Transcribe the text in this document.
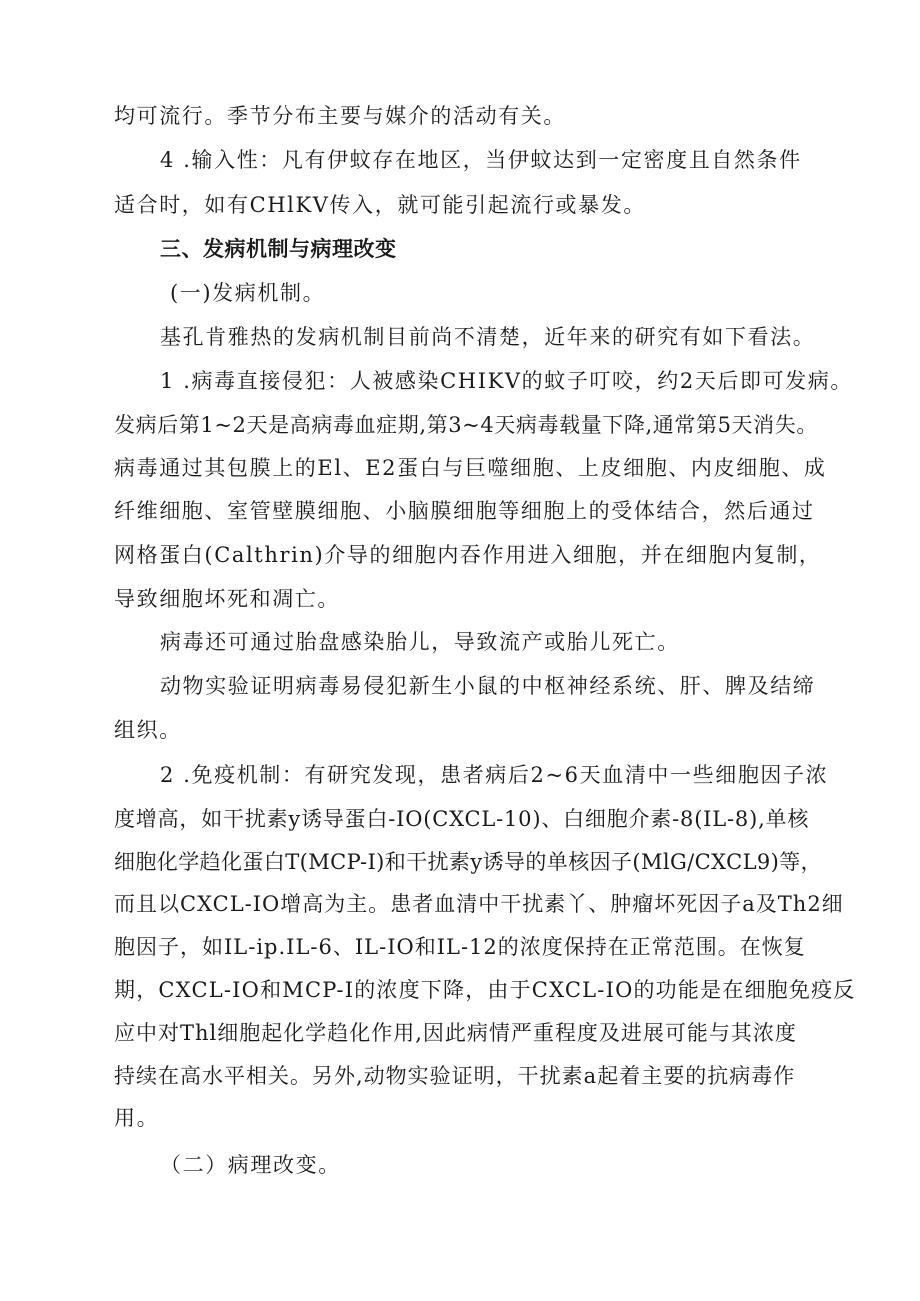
均可流行。季节分布主要与媒介的活动有关。
4 .输入性：凡有伊蚊存在地区，当伊蚊达到一定密度且自然条件
适合时，如有CHlKV传入，就可能引起流行或暴发。
三、发病机制与病理改变
(一)发病机制。
基孔肯雅热的发病机制目前尚不清楚，近年来的研究有如下看法。
1 .病毒直接侵犯：人被感染CHIKV的蚊子叮咬，约2天后即可发病。
发病后第1~2天是高病毒血症期,第3~4天病毒载量下降,通常第5天消失。
病毒通过其包膜上的El、E2蛋白与巨噬细胞、上皮细胞、内皮细胞、成
纤维细胞、室管壁膜细胞、小脑膜细胞等细胞上的受体结合，然后通过
网格蛋白(Calthrin)介导的细胞内吞作用进入细胞，并在细胞内复制，
导致细胞坏死和凋亡。
病毒还可通过胎盘感染胎儿，导致流产或胎儿死亡。
动物实验证明病毒易侵犯新生小鼠的中枢神经系统、肝、脾及结缔
组织。
2 .免疫机制：有研究发现，患者病后2~6天血清中一些细胞因子浓
度增高，如干扰素y诱导蛋白-IO(CXCL-10)、白细胞介素-8(IL-8),单核
细胞化学趋化蛋白T(MCP-I)和干扰素y诱导的单核因子(MlG/CXCL9)等，
而且以CXCL-IO增高为主。患者血清中干扰素丫、肿瘤坏死因子a及Th2细
胞因子，如IL-ip.IL-6、IL-IO和IL-12的浓度保持在正常范围。在恢复
期，CXCL-IO和MCP-I的浓度下降，由于CXCL-IO的功能是在细胞免疫反
应中对Thl细胞起化学趋化作用,因此病情严重程度及进展可能与其浓度
持续在高水平相关。另外,动物实验证明，干扰素a起着主要的抗病毒作
用。
（二）病理改变。
